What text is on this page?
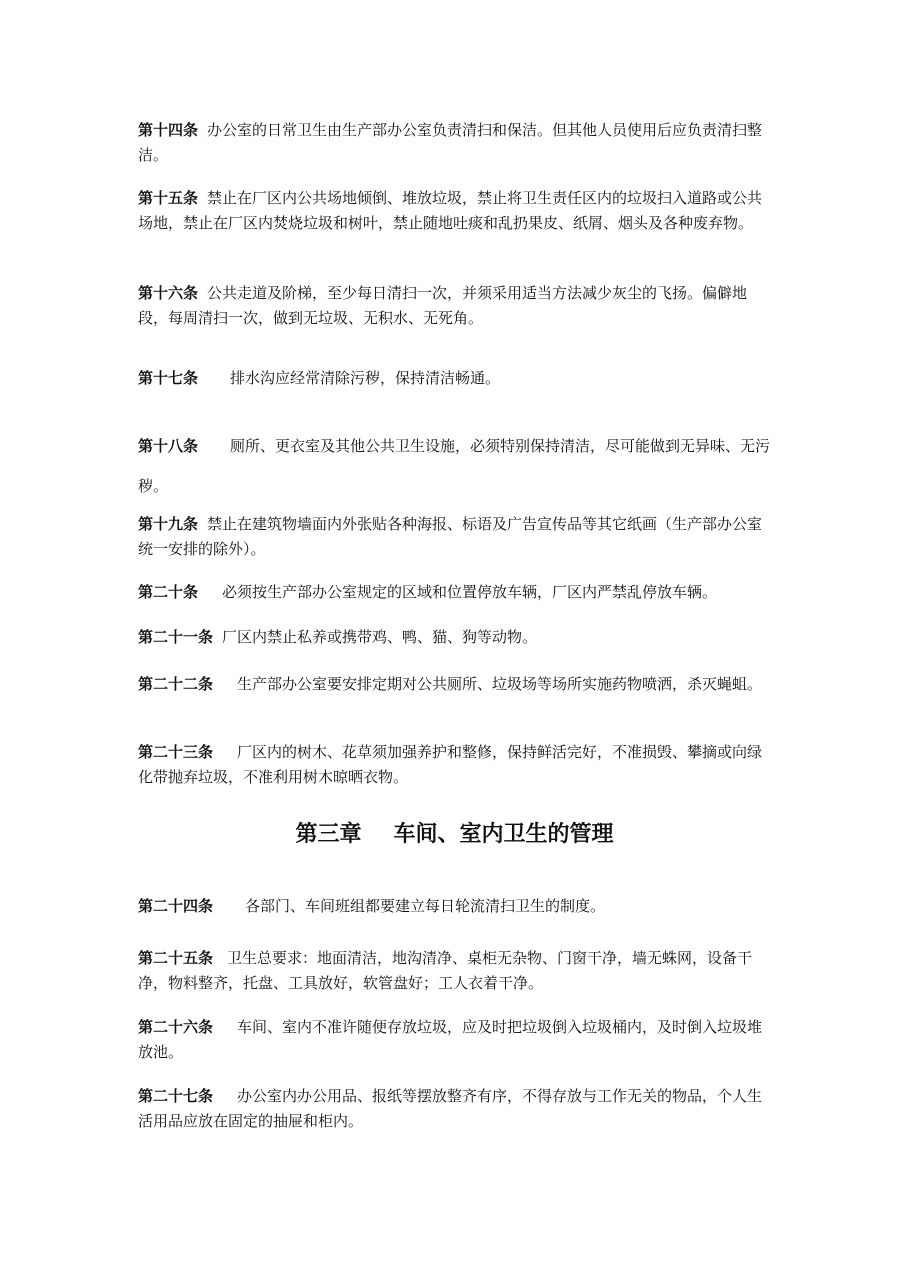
第十四条 办公室的日常卫生由生产部办公室负责清扫和保洁。但其他人员使用后应负责清扫整洁。

第十五条 禁止在厂区内公共场地倾倒、堆放垃圾，禁止将卫生责任区内的垃圾扫入道路或公共场地，禁止在厂区内焚烧垃圾和树叶，禁止随地吐痰和乱扔果皮、纸屑、烟头及各种废弃物。

第十六条 公共走道及阶梯，至少每日清扫一次，并须采用适当方法减少灰尘的飞扬。偏僻地段，每周清扫一次，做到无垃圾、无积水、无死角。

第十七条 排水沟应经常清除污秽，保持清洁畅通。

第十八条 厕所、更衣室及其他公共卫生设施，必须特别保持清洁，尽可能做到无异味、无污秽。

第十九条 禁止在建筑物墙面内外张贴各种海报、标语及广告宣传品等其它纸画（生产部办公室统一安排的除外）。

第二十条 必须按生产部办公室规定的区域和位置停放车辆，厂区内严禁乱停放车辆。

第二十一条 厂区内禁止私养或携带鸡、鸭、猫、狗等动物。

第二十二条 生产部办公室要安排定期对公共厕所、垃圾场等场所实施药物喷洒，杀灭蝇蛆。

第二十三条 厂区内的树木、花草须加强养护和整修，保持鲜活完好，不准损毁、攀摘或向绿化带抛弃垃圾，不准利用树木晾晒衣物。

第三章 车间、室内卫生的管理

第二十四条 各部门、车间班组都要建立每日轮流清扫卫生的制度。

第二十五条 卫生总要求：地面清洁，地沟清净、桌柜无杂物、门窗干净，墙无蛛网，设备干净，物料整齐，托盘、工具放好，软管盘好；工人衣着干净。

第二十六条 车间、室内不准许随便存放垃圾，应及时把垃圾倒入垃圾桶内，及时倒入垃圾堆放池。

第二十七条 办公室内办公用品、报纸等摆放整齐有序，不得存放与工作无关的物品，个人生活用品应放在固定的抽屉和柜内。
